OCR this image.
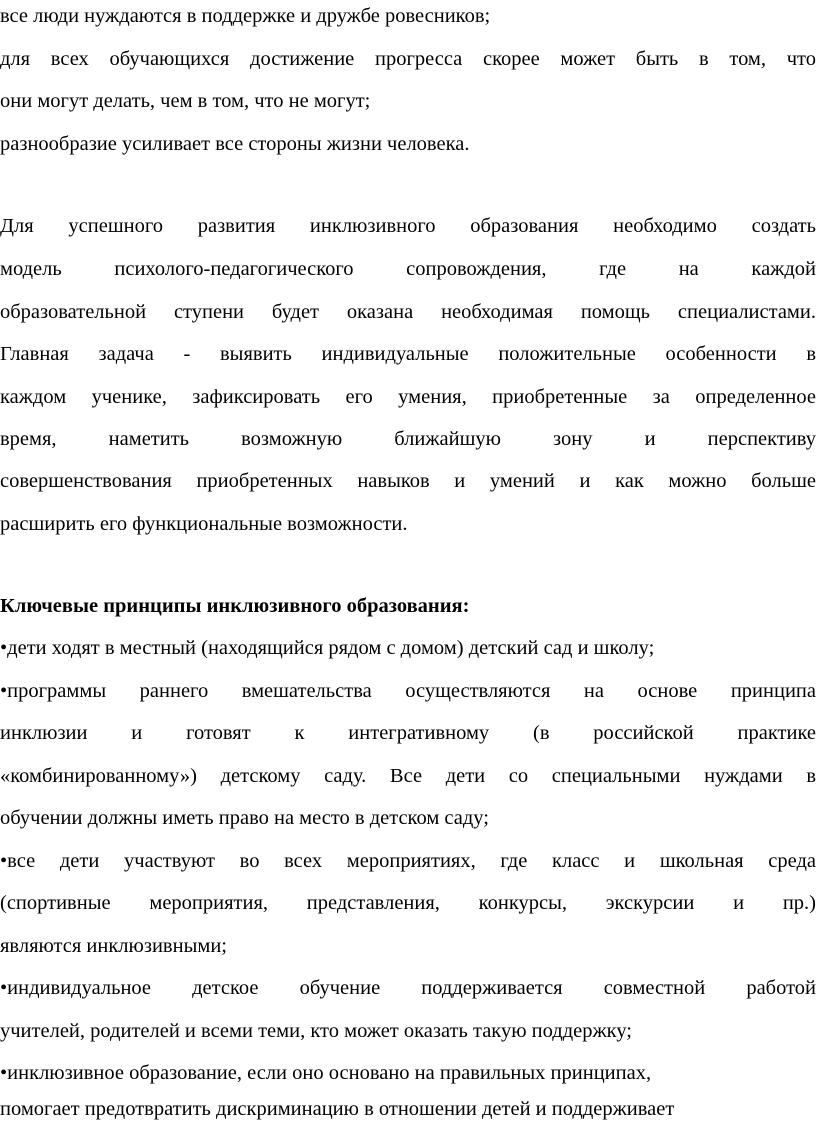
все люди нуждаются в поддержке и дружбе ровесников;
для всех обучающихся достижение прогресса скорее может быть в том, что
они могут делать, чем в том, что не могут;
разнообразие усиливает все стороны жизни человека.
Для успешного развития инклюзивного образования необходимо создать
модель психолого-педагогического сопровождения, где на каждой
образовательной ступени будет оказана необходимая помощь специалистами.
Главная задача - выявить индивидуальные положительные особенности в
каждом ученике, зафиксировать его умения, приобретенные за определенное
время, наметить возможную ближайшую зону и перспективу
совершенствования приобретенных навыков и умений и как можно больше
расширить его функциональные возможности.
Ключевые принципы инклюзивного образования:
•дети ходят в местный (находящийся рядом с домом) детский сад и школу;
•программы раннего вмешательства осуществляются на основе принципа
инклюзии и готовят к интегративному (в российской практике
«комбинированному») детскому саду. Все дети со специальными нуждами в
обучении должны иметь право на место в детском саду;
•все дети участвуют во всех мероприятиях, где класс и школьная среда
(спортивные мероприятия, представления, конкурсы, экскурсии и пр.)
являются инклюзивными;
•индивидуальное детское обучение поддерживается совместной работой
учителей, родителей и всеми теми, кто может оказать такую поддержку;
•инклюзивное образование, если оно основано на правильных принципах,
помогает предотвратить дискриминацию в отношении детей и поддерживает
